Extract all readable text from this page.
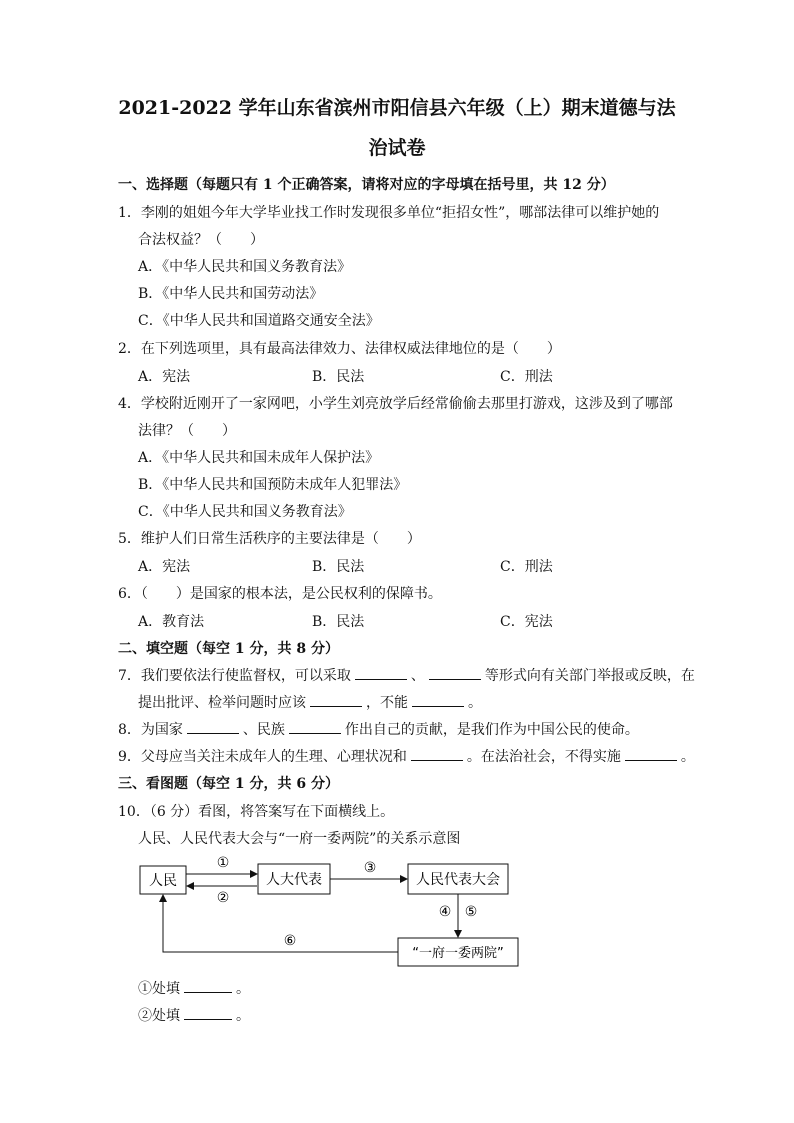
2021-2022 学年山东省滨州市阳信县六年级（上）期末道德与法
治试卷
一、选择题（每题只有 1 个正确答案，请将对应的字母填在括号里，共 12 分）
1．李刚的姐姐今年大学毕业找工作时发现很多单位“拒招女性”，哪部法律可以维护她的
合法权益？（　　）
A．《中华人民共和国义务教育法》
B．《中华人民共和国劳动法》
C．《中华人民共和国道路交通安全法》
2．在下列选项里，具有最高法律效力、法律权威法律地位的是（　　）
A．宪法	B．民法	C．刑法
4．学校附近刚开了一家网吧，小学生刘亮放学后经常偷偷去那里打游戏，这涉及到了哪部
法律？（　　）
A．《中华人民共和国未成年人保护法》
B．《中华人民共和国预防未成年人犯罪法》
C．《中华人民共和国义务教育法》
5．维护人们日常生活秩序的主要法律是（　　）
A．宪法	B．民法	C．刑法
6．（　　）是国家的根本法，是公民权利的保障书。
A．教育法	B．民法	C．宪法
二、填空题（每空 1 分，共 8 分）
7．我们要依法行使监督权，可以采取	、	等形式向有关部门举报或反映，在
提出批评、检举问题时应该	，不能	。
8．为国家	、民族	作出自己的贡献，是我们作为中国公民的使命。
9．父母应当关注未成年人的生理、心理状况和	。在法治社会，不得实施	。
三、看图题（每空 1 分，共 6 分）
10．（6 分）看图，将答案写在下面横线上。
人民、人民代表大会与“一府一委两院”的关系示意图
人民	人大代表	人民代表大会
“一府一委两院”
①
②
③
④ ⑤
⑥
①处填	。
②处填	。
